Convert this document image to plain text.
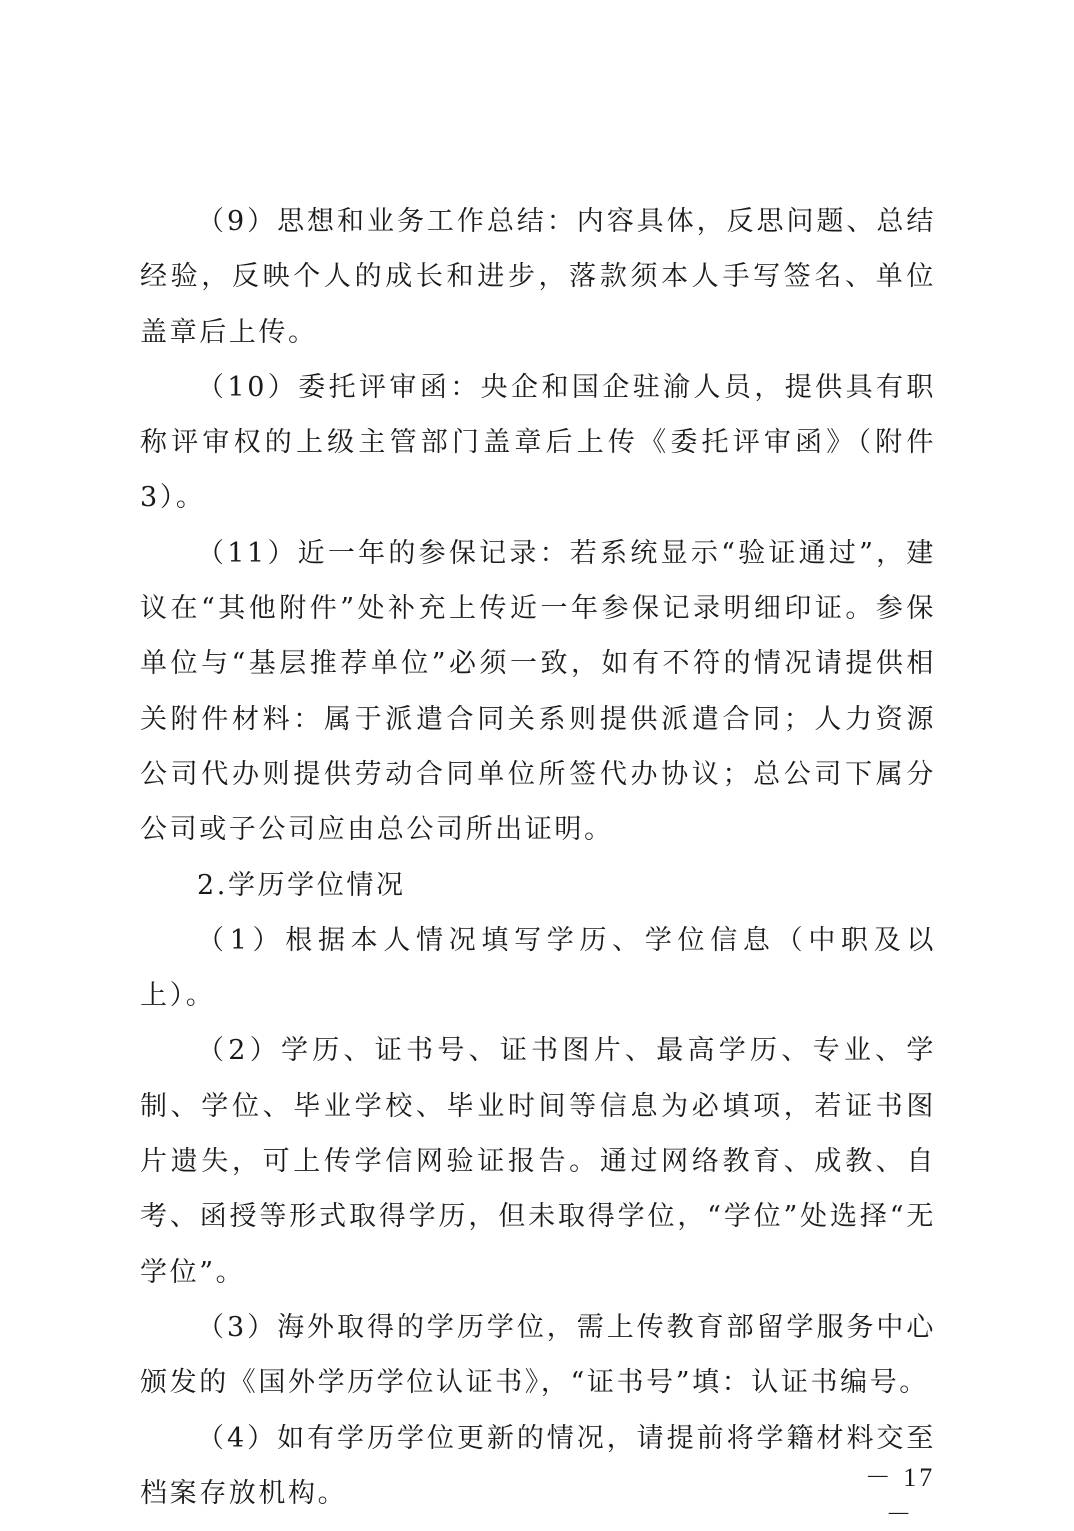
（9）思想和业务工作总结：内容具体，反思问题、总结经验，反映个人的成长和进步，落款须本人手写签名、单位盖章后上传。

（10）委托评审函：央企和国企驻渝人员，提供具有职称评审权的上级主管部门盖章后上传《委托评审函》（附件3）。

（11）近一年的参保记录：若系统显示“验证通过”，建议在“其他附件”处补充上传近一年参保记录明细印证。参保单位与“基层推荐单位”必须一致，如有不符的情况请提供相关附件材料：属于派遣合同关系则提供派遣合同；人力资源公司代办则提供劳动合同单位所签代办协议；总公司下属分公司或子公司应由总公司所出证明。

2.学历学位情况

（1）根据本人情况填写学历、学位信息（中职及以上）。

（2）学历、证书号、证书图片、最高学历、专业、学制、学位、毕业学校、毕业时间等信息为必填项，若证书图片遗失，可上传学信网验证报告。通过网络教育、成教、自考、函授等形式取得学历，但未取得学位，“学位”处选择“无学位”。

（3）海外取得的学历学位，需上传教育部留学服务中心颁发的《国外学历学位认证书》，“证书号”填：认证书编号。

（4）如有学历学位更新的情况，请提前将学籍材料交至档案存放机构。

－ 17 －
